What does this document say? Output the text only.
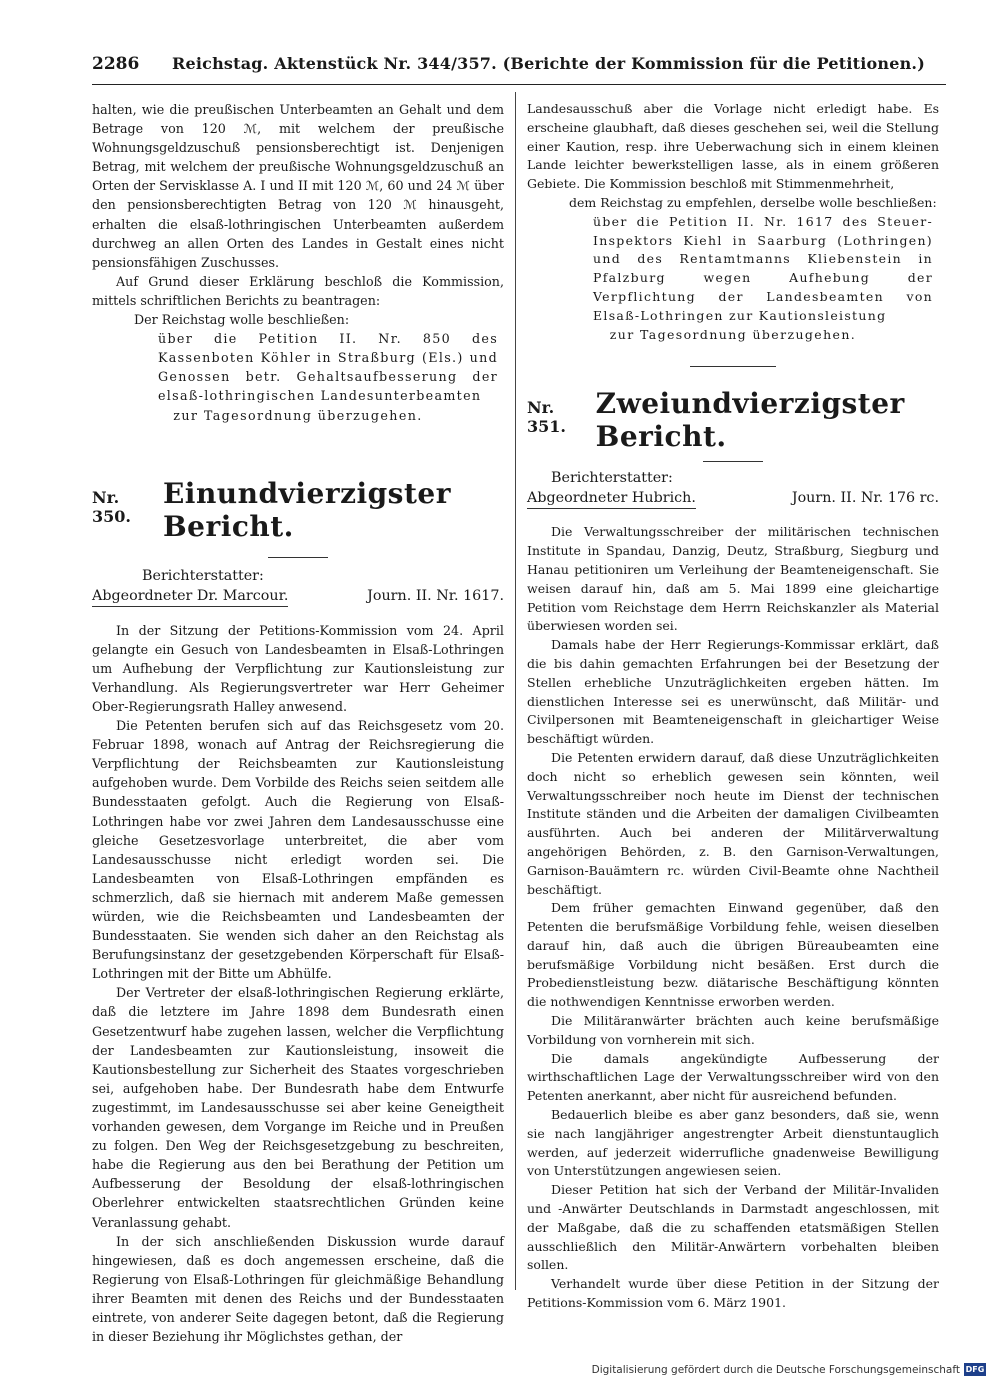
2286 Reichstag. Aktenstück Nr. 344/357. (Berichte der Kommission für die Petitionen.)

halten, wie die preußischen Unterbeamten an Gehalt und dem Betrage von 120 ℳ, mit welchem der preußische Wohnungsgeldzuschuß pensionsberechtigt ist. Denjenigen Betrag, mit welchem der preußische Wohnungsgeldzuschuß an Orten der Servisklasse A. I und II mit 120 ℳ, 60 und 24 ℳ über den pensionsberechtigten Betrag von 120 ℳ hinausgeht, erhalten die elsaß-lothringischen Unterbeamten außerdem durchweg an allen Orten des Landes in Gestalt eines nicht pensionsfähigen Zuschusses.

Auf Grund dieser Erklärung beschloß die Kommission, mittels schriftlichen Berichts zu beantragen:

Der Reichstag wolle beschließen:

über die Petition II. Nr. 850 des Kassenboten Köhler in Straßburg (Els.) und Genossen betr. Gehaltsaufbesserung der elsaß-lothringischen Landesunterbeamten

zur Tagesordnung überzugehen.

Nr. 350.
Einundvierzigster Bericht.
Berichterstatter:
Abgeordneter Dr. Marcour.	Journ. II. Nr. 1617.

In der Sitzung der Petitions-Kommission vom 24. April gelangte ein Gesuch von Landesbeamten in Elsaß-Lothringen um Aufhebung der Verpflichtung zur Kautionsleistung zur Verhandlung. Als Regierungsvertreter war Herr Geheimer Ober-Regierungsrath Halley anwesend.

Die Petenten berufen sich auf das Reichsgesetz vom 20. Februar 1898, wonach auf Antrag der Reichsregierung die Verpflichtung der Reichsbeamten zur Kautionsleistung aufgehoben wurde. Dem Vorbilde des Reichs seien seitdem alle Bundesstaaten gefolgt. Auch die Regierung von Elsaß-Lothringen habe vor zwei Jahren dem Landesausschusse eine gleiche Gesetzesvorlage unterbreitet, die aber vom Landesausschusse nicht erledigt worden sei. Die Landesbeamten von Elsaß-Lothringen empfänden es schmerzlich, daß sie hiernach mit anderem Maße gemessen würden, wie die Reichsbeamten und Landesbeamten der Bundesstaaten. Sie wenden sich daher an den Reichstag als Berufungsinstanz der gesetzgebenden Körperschaft für Elsaß-Lothringen mit der Bitte um Abhülfe.

Der Vertreter der elsaß-lothringischen Regierung erklärte, daß die letztere im Jahre 1898 dem Bundesrath einen Gesetzentwurf habe zugehen lassen, welcher die Verpflichtung der Landesbeamten zur Kautionsleistung, insoweit die Kautionsbestellung zur Sicherheit des Staates vorgeschrieben sei, aufgehoben habe. Der Bundesrath habe dem Entwurfe zugestimmt, im Landesausschusse sei aber keine Geneigtheit vorhanden gewesen, dem Vorgange im Reiche und in Preußen zu folgen. Den Weg der Reichsgesetzgebung zu beschreiten, habe die Regierung aus den bei Berathung der Petition um Aufbesserung der Besoldung der elsaß-lothringischen Oberlehrer entwickelten staatsrechtlichen Gründen keine Veranlassung gehabt.

In der sich anschließenden Diskussion wurde darauf hingewiesen, daß es doch angemessen erscheine, daß die Regierung von Elsaß-Lothringen für gleichmäßige Behandlung ihrer Beamten mit denen des Reichs und der Bundesstaaten eintrete, von anderer Seite dagegen betont, daß die Regierung in dieser Beziehung ihr Möglichstes gethan, der

Landesausschuß aber die Vorlage nicht erledigt habe. Es erscheine glaubhaft, daß dieses geschehen sei, weil die Stellung einer Kaution, resp. ihre Ueberwachung sich in einem kleinen Lande leichter bewerkstelligen lasse, als in einem größeren Gebiete. Die Kommission beschloß mit Stimmenmehrheit,

dem Reichstag zu empfehlen, derselbe wolle beschließen:

über die Petition II. Nr. 1617 des Steuer-Inspektors Kiehl in Saarburg (Lothringen) und des Rentamtmanns Kliebenstein in Pfalzburg wegen Aufhebung der Verpflichtung der Landesbeamten von Elsaß-Lothringen zur Kautionsleistung

zur Tagesordnung überzugehen.

Nr. 351.
Zweiundvierzigster Bericht.
Berichterstatter:
Abgeordneter Hubrich.	Journ. II. Nr. 176 rc.

Die Verwaltungsschreiber der militärischen technischen Institute in Spandau, Danzig, Deutz, Straßburg, Siegburg und Hanau petitioniren um Verleihung der Beamteneigenschaft. Sie weisen darauf hin, daß am 5. Mai 1899 eine gleichartige Petition vom Reichstage dem Herrn Reichskanzler als Material überwiesen worden sei.

Damals habe der Herr Regierungs-Kommissar erklärt, daß die bis dahin gemachten Erfahrungen bei der Besetzung der Stellen erhebliche Unzuträglichkeiten ergeben hätten. Im dienstlichen Interesse sei es unerwünscht, daß Militär- und Civilpersonen mit Beamteneigenschaft in gleichartiger Weise beschäftigt würden.

Die Petenten erwidern darauf, daß diese Unzuträglichkeiten doch nicht so erheblich gewesen sein könnten, weil Verwaltungsschreiber noch heute im Dienst der technischen Institute ständen und die Arbeiten der damaligen Civilbeamten ausführten. Auch bei anderen der Militärverwaltung angehörigen Behörden, z. B. den Garnison-Verwaltungen, Garnison-Bauämtern rc. würden Civil-Beamte ohne Nachtheil beschäftigt.

Dem früher gemachten Einwand gegenüber, daß den Petenten die berufsmäßige Vorbildung fehle, weisen dieselben darauf hin, daß auch die übrigen Büreaubeamten eine berufsmäßige Vorbildung nicht besäßen. Erst durch die Probedienstleistung bezw. diätarische Beschäftigung könnten die nothwendigen Kenntnisse erworben werden.

Die Militäranwärter brächten auch keine berufsmäßige Vorbildung von vornherein mit sich.

Die damals angekündigte Aufbesserung der wirthschaftlichen Lage der Verwaltungsschreiber wird von den Petenten anerkannt, aber nicht für ausreichend befunden.

Bedauerlich bleibe es aber ganz besonders, daß sie, wenn sie nach langjähriger angestrengter Arbeit dienstuntauglich werden, auf jederzeit widerrufliche gnadenweise Bewilligung von Unterstützungen angewiesen seien.

Dieser Petition hat sich der Verband der Militär-Invaliden und -Anwärter Deutschlands in Darmstadt angeschlossen, mit der Maßgabe, daß die zu schaffenden etatsmäßigen Stellen ausschließlich den Militär-Anwärtern vorbehalten bleiben sollen.

Verhandelt wurde über diese Petition in der Sitzung der Petitions-Kommission vom 6. März 1901.

Digitalisierung gefördert durch die Deutsche Forschungsgemeinschaft DFG
